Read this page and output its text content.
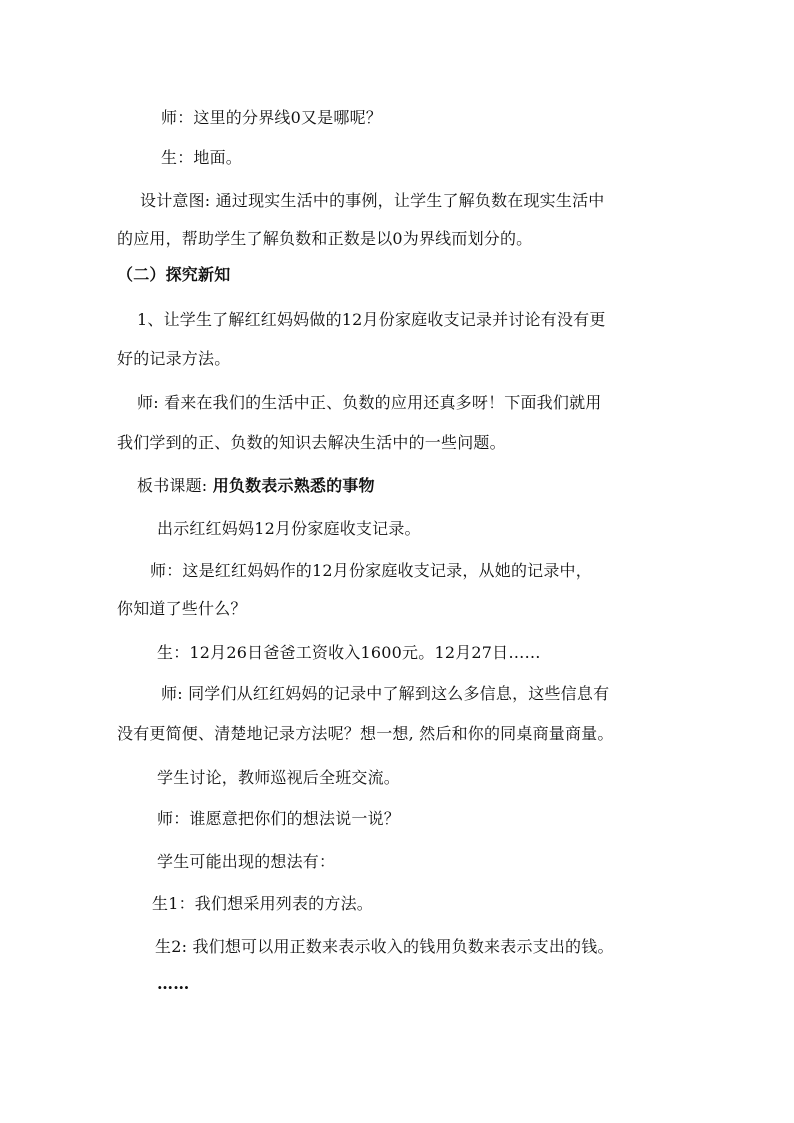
师：这里的分界线0又是哪呢？
生：地面。
设计意图: 通过现实生活中的事例，让学生了解负数在现实生活中
的应用，帮助学生了解负数和正数是以0为界线而划分的。
（二）探究新知
1、让学生了解红红妈妈做的12月份家庭收支记录并讨论有没有更
好的记录方法。
师: 看来在我们的生活中正、负数的应用还真多呀！下面我们就用
我们学到的正、负数的知识去解决生活中的一些问题。
板书课题: 用负数表示熟悉的事物
出示红红妈妈12月份家庭收支记录。
师：这是红红妈妈作的12月份家庭收支记录，从她的记录中，
你知道了些什么？
生：12月26日爸爸工资收入1600元。12月27日……
师: 同学们从红红妈妈的记录中了解到这么多信息，这些信息有
没有更简便、清楚地记录方法呢？想一想, 然后和你的同桌商量商量。
学生讨论，教师巡视后全班交流。
师：谁愿意把你们的想法说一说？
学生可能出现的想法有：
生1：我们想采用列表的方法。
生2: 我们想可以用正数来表示收入的钱用负数来表示支出的钱。
……
